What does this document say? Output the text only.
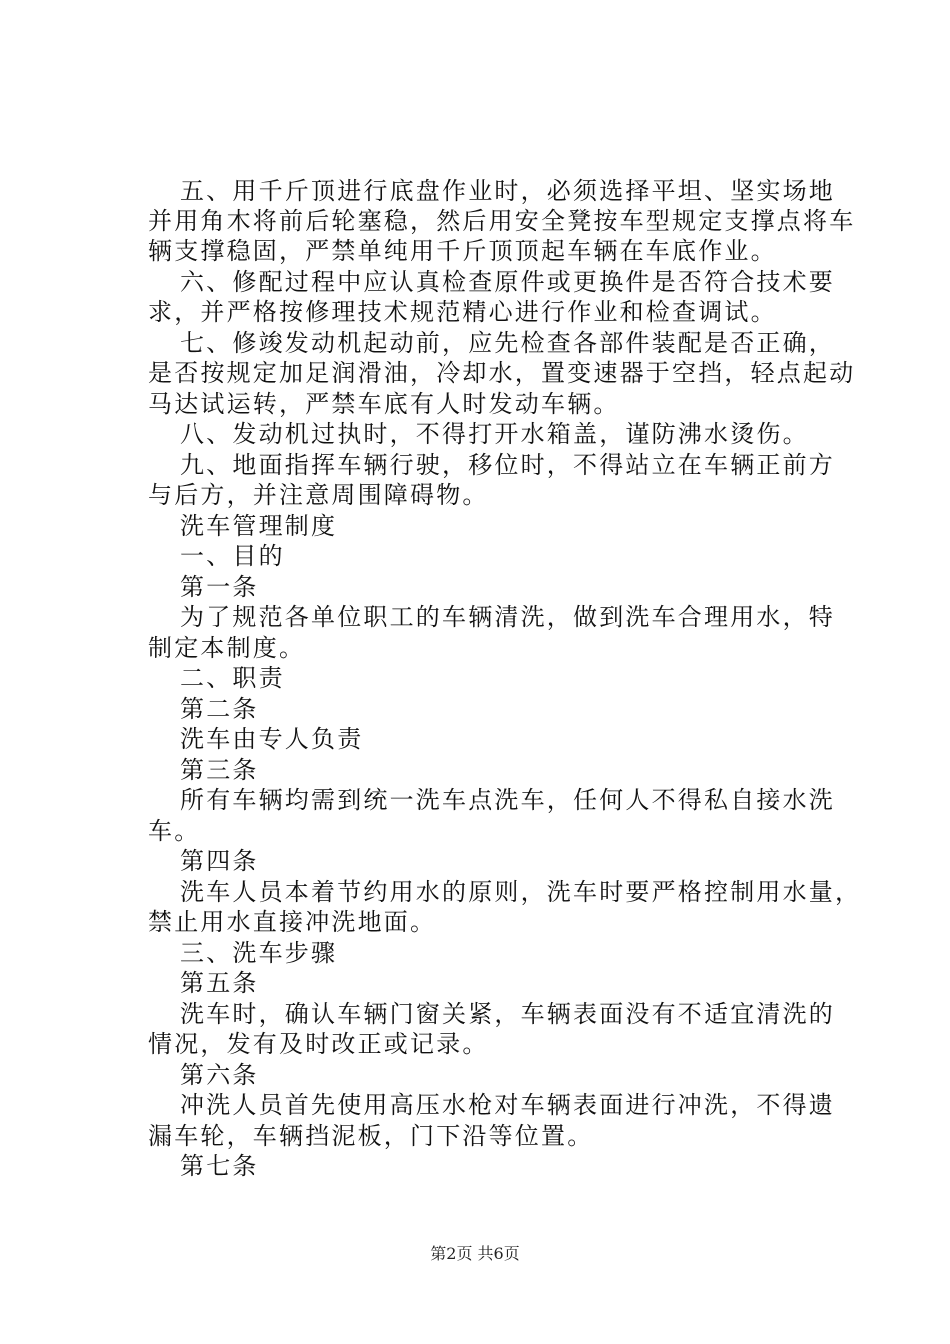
五、用千斤顶进行底盘作业时，必须选择平坦、坚实场地
并用角木将前后轮塞稳，然后用安全凳按车型规定支撑点将车
辆支撑稳固，严禁单纯用千斤顶顶起车辆在车底作业。
六、修配过程中应认真检查原件或更换件是否符合技术要
求，并严格按修理技术规范精心进行作业和检查调试。
七、修竣发动机起动前，应先检查各部件装配是否正确，
是否按规定加足润滑油，冷却水，置变速器于空挡，轻点起动
马达试运转，严禁车底有人时发动车辆。
八、发动机过执时，不得打开水箱盖，谨防沸水烫伤。
九、地面指挥车辆行驶，移位时，不得站立在车辆正前方
与后方，并注意周围障碍物。
洗车管理制度
一、目的
第一条
为了规范各单位职工的车辆清洗，做到洗车合理用水，特
制定本制度。
二、职责
第二条
洗车由专人负责
第三条
所有车辆均需到统一洗车点洗车，任何人不得私自接水洗
车。
第四条
洗车人员本着节约用水的原则，洗车时要严格控制用水量，
禁止用水直接冲洗地面。
三、洗车步骤
第五条
洗车时，确认车辆门窗关紧，车辆表面没有不适宜清洗的
情况，发有及时改正或记录。
第六条
冲洗人员首先使用高压水枪对车辆表面进行冲洗，不得遗
漏车轮，车辆挡泥板，门下沿等位置。
第七条
第2页 共6页
